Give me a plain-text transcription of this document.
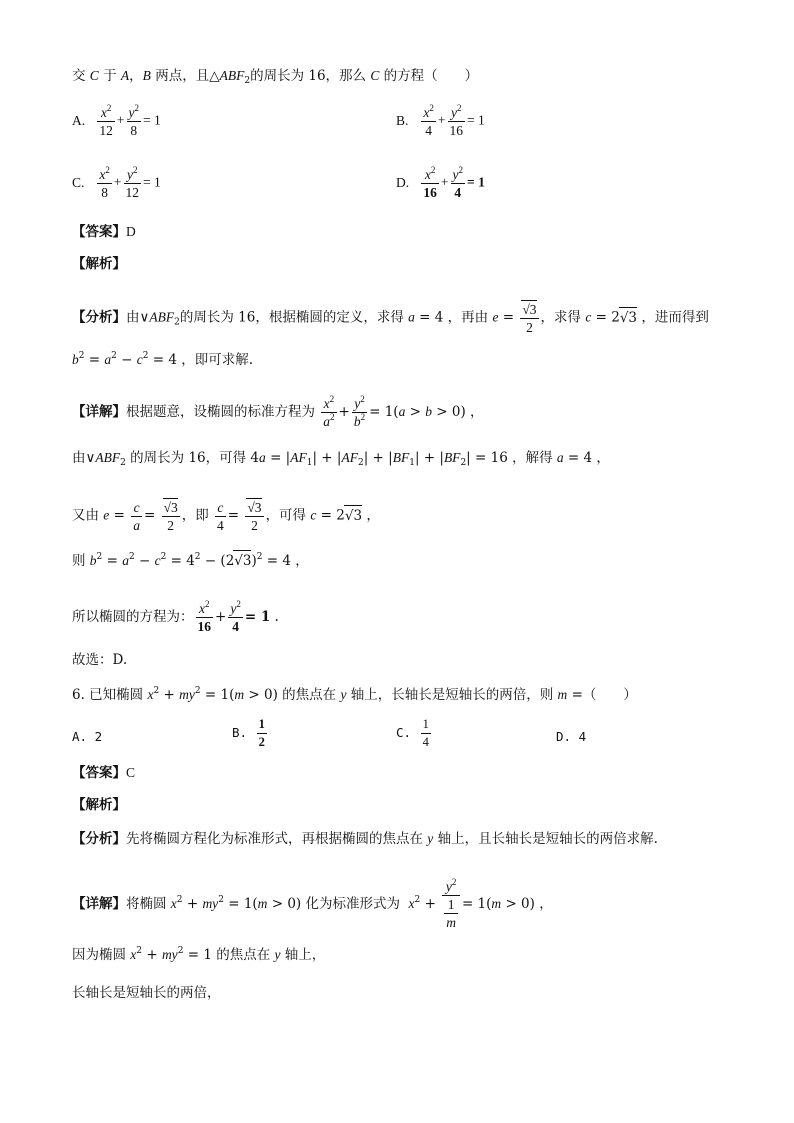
交 C 于 A，B 两点，且$\triangle ABF_2$的周长为 16，那么 C 的方程（　　）
A. $\frac{x^2}{12} + \frac{y^2}{8} = 1$	B. $\frac{x^2}{4} + \frac{y^2}{16} = 1$
C. $\frac{x^2}{8} + \frac{y^2}{12} = 1$	D. $\frac{x^2}{16} + \frac{y^2}{4} = 1$
【答案】D
【解析】
【分析】由$\vee ABF_2$的周长为 16，根据椭圆的定义，求得 a = 4 ，再由 $e = \frac{√3}{2}$ ，求得 c = 2√3 ，进而得到
$b^2 = a^2 - c^2 = 4$ ，即可求解.
【详解】根据题意，设椭圆的标准方程为 $\frac{x^2}{a^2} + \frac{y^2}{b^2} = 1(a > b > 0)$ ，
由$\vee ABF_2$ 的周长为 16，可得 $4a = |AF_1| + |AF_2| + |BF_1| + |BF_2| = 16$ ，解得 a = 4 ，
又由 $e = \frac{c}{a} = \frac{√3}{2}$ ，即 $\frac{c}{4} = \frac{√3}{2}$ ，可得 c = 2√3 ，
则 $b^2 = a^2 - c^2 = 4^2 - (2√3)^2 = 4$ ，
所以椭圆的方程为： $\frac{x^2}{16} + \frac{y^2}{4} = 1$ .
故选：D.
6. 已知椭圆 $x^2 + my^2 = 1(m > 0)$ 的焦点在 y 轴上，长轴长是短轴长的两倍，则 m =（　　）
A. 2	B. $\frac{1}{2}$	C. $\frac{1}{4}$	D. 4
【答案】C
【解析】
【分析】先将椭圆方程化为标准形式，再根据椭圆的焦点在 y 轴上，且长轴长是短轴长的两倍求解.
【详解】将椭圆 $x^2 + my^2 = 1(m > 0)$ 化为标准形式为  $x^2 + \frac{y^2}{\frac{1}{m}} = 1(m > 0)$ ，
因为椭圆 $x^2 + my^2 = 1$ 的焦点在 y 轴上，
长轴长是短轴长的两倍，
